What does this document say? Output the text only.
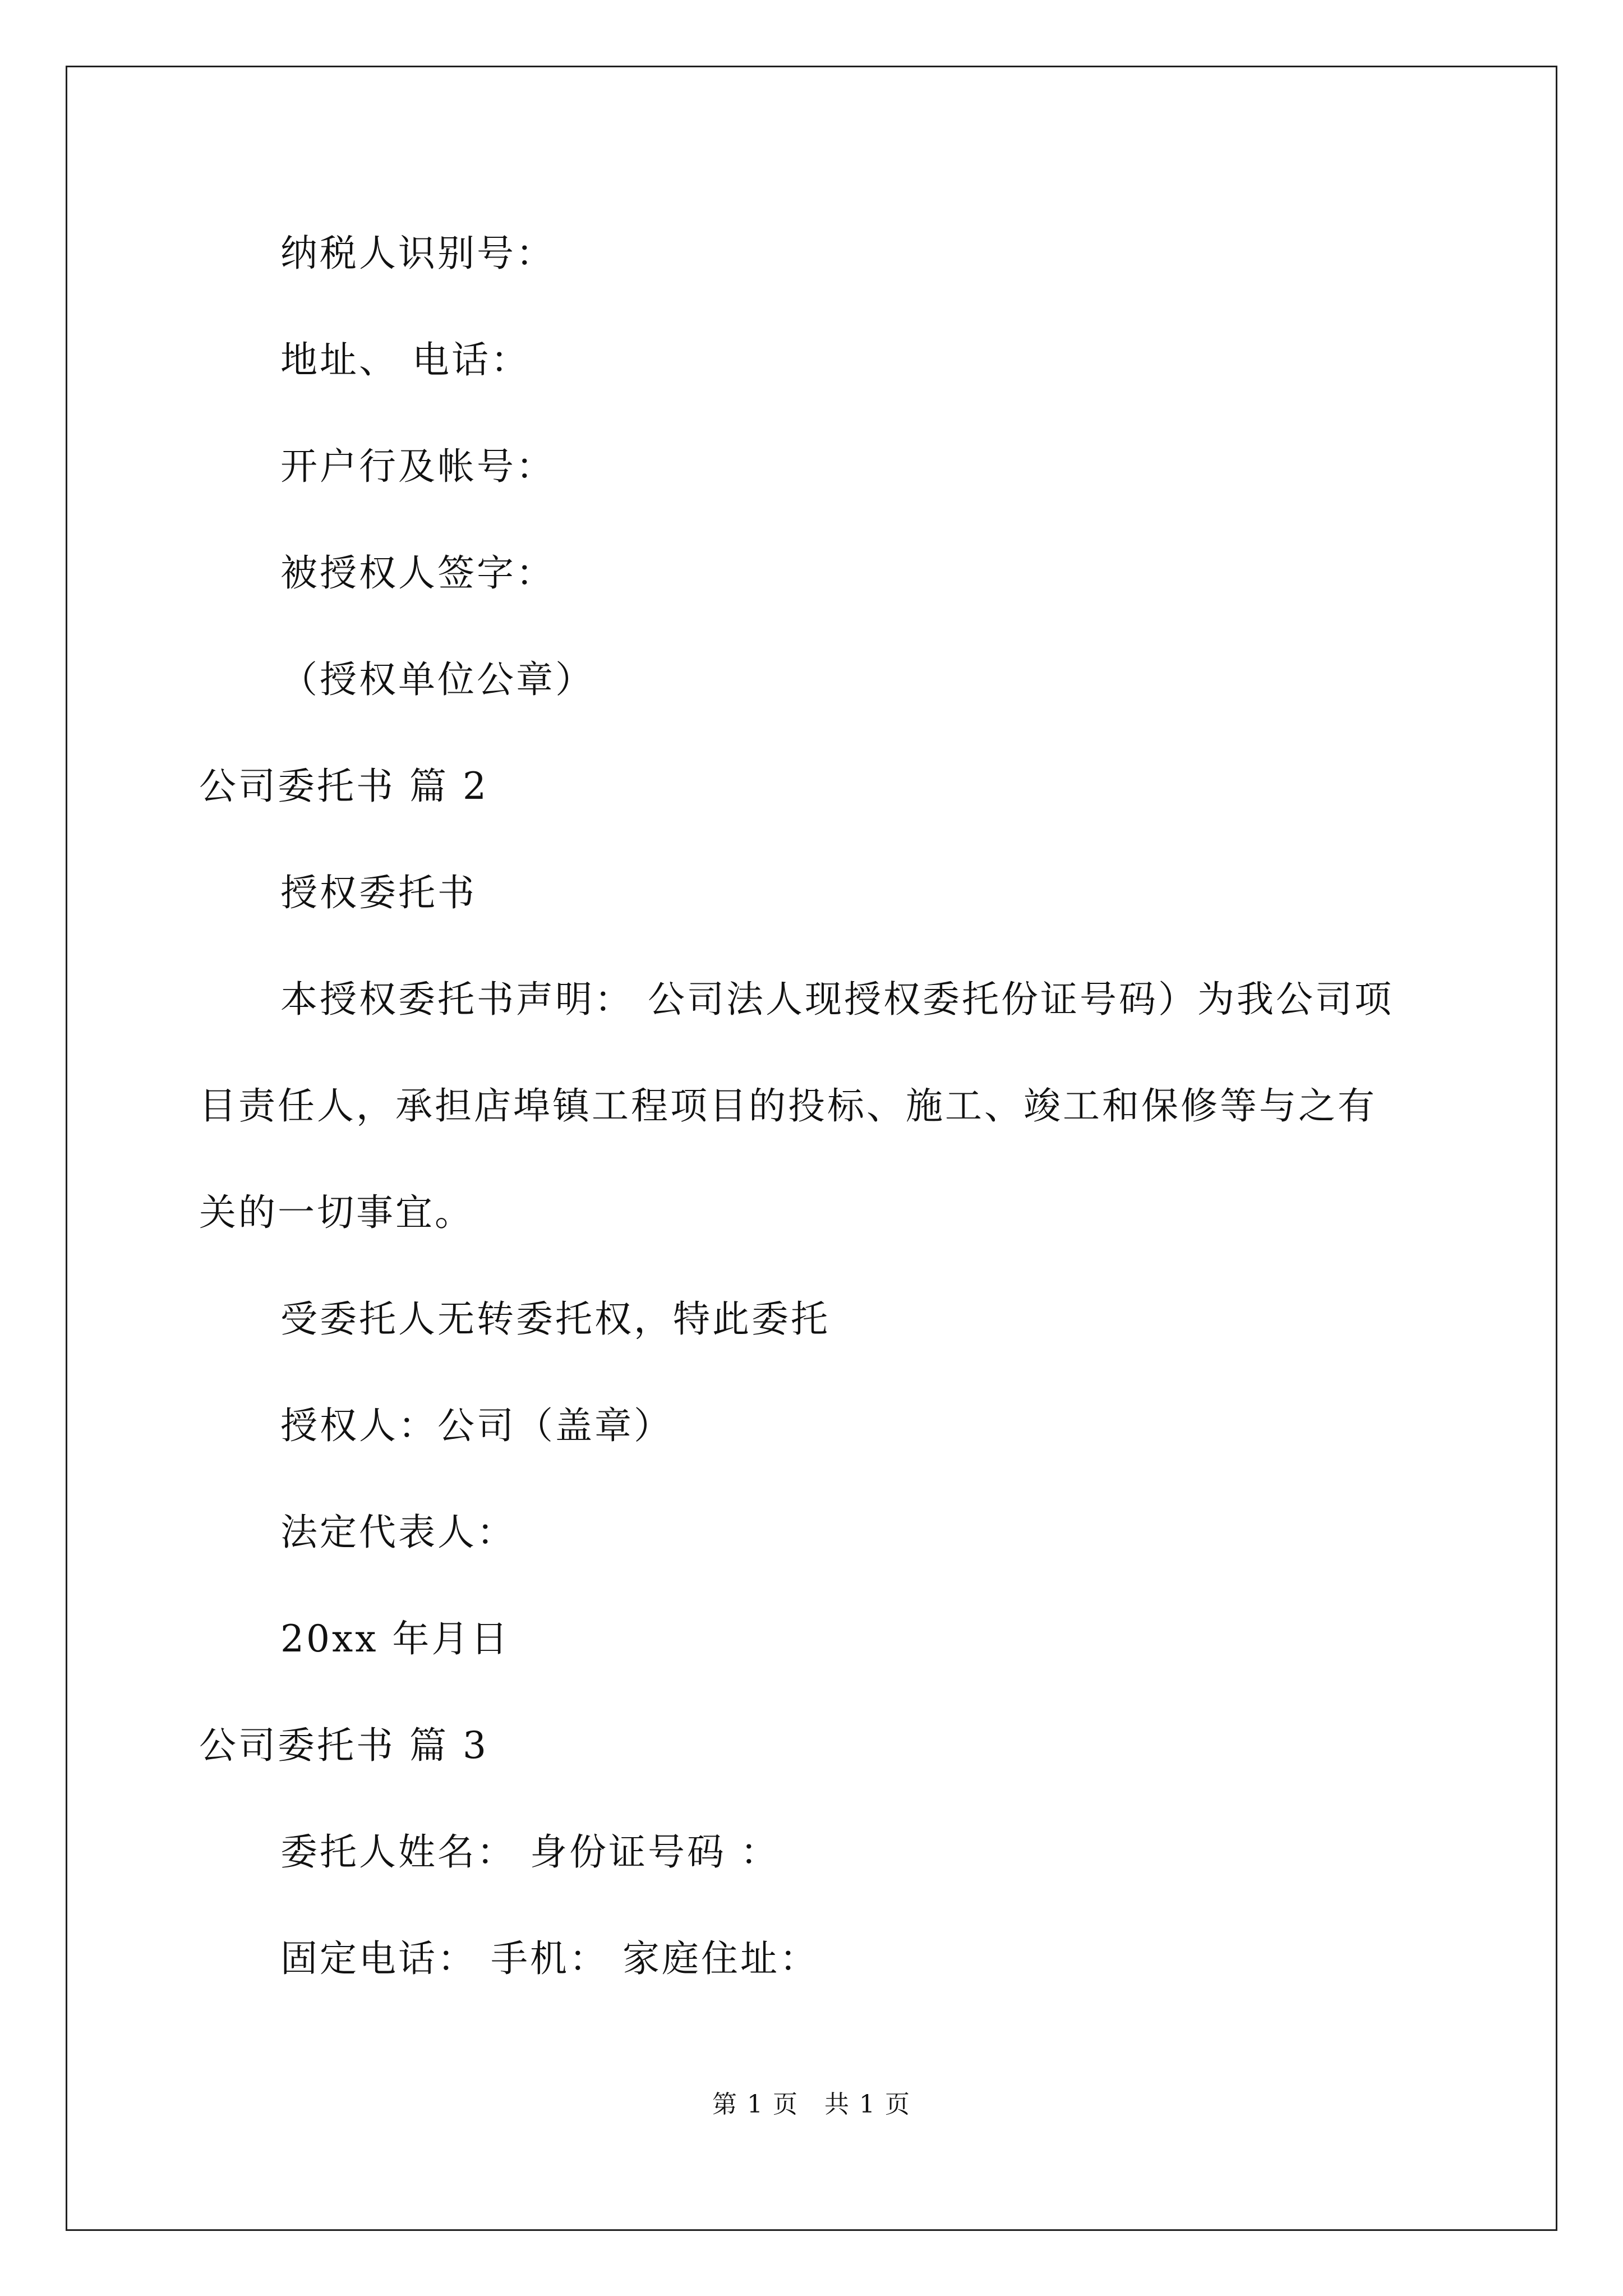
纳税人识别号：
地址、 电话：
开户行及帐号：
被授权人签字：
（授权单位公章）
公司委托书 篇 2
授权委托书
本授权委托书声明： 公司法人现授权委托份证号码）为我公司项
目责任人，承担店埠镇工程项目的投标、施工、竣工和保修等与之有
关的一切事宜。
受委托人无转委托权，特此委托
授权人：公司（盖章）
法定代表人：
20xx 年月日
公司委托书 篇 3
委托人姓名： 身份证号码 ：
固定电话： 手机： 家庭住址：
第 1 页　共 1 页
